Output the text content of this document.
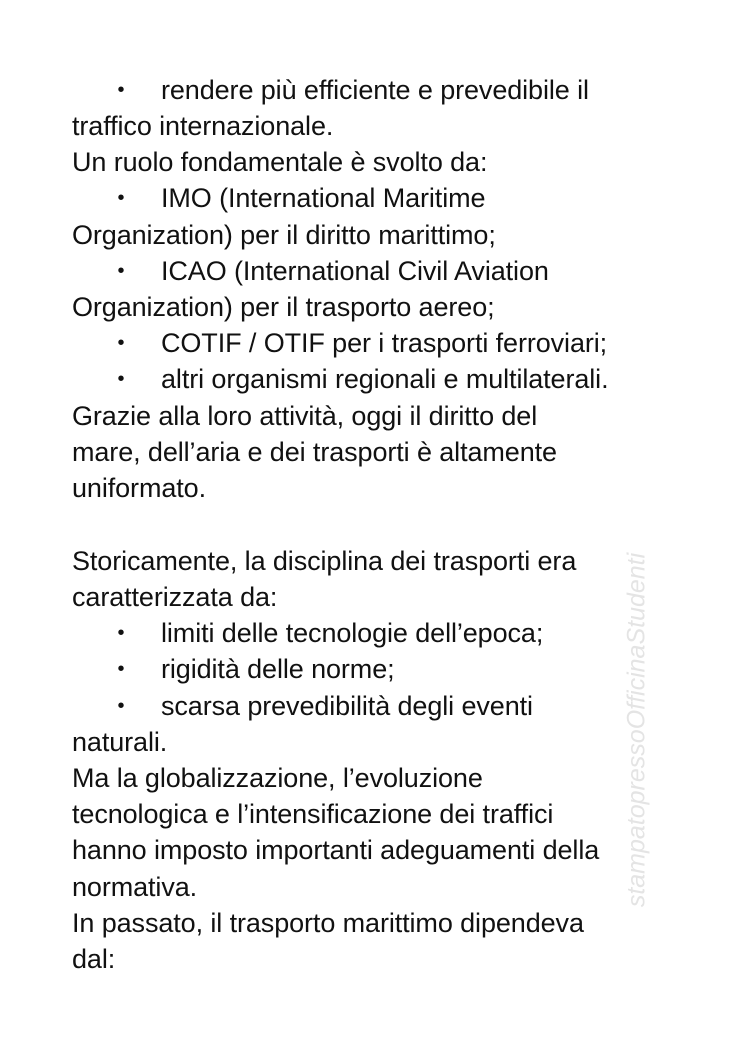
• rendere più efficiente e prevedibile il
traffico internazionale.
Un ruolo fondamentale è svolto da:
• IMO (International Maritime
Organization) per il diritto marittimo;
• ICAO (International Civil Aviation
Organization) per il trasporto aereo;
• COTIF / OTIF per i trasporti ferroviari;
• altri organismi regionali e multilaterali.
Grazie alla loro attività, oggi il diritto del
mare, dell’aria e dei trasporti è altamente
uniformato.
Storicamente, la disciplina dei trasporti era
caratterizzata da:
• limiti delle tecnologie dell’epoca;
• rigidità delle norme;
• scarsa prevedibilità degli eventi
naturali.
Ma la globalizzazione, l’evoluzione
tecnologica e l’intensificazione dei traffici
hanno imposto importanti adeguamenti della
normativa.
In passato, il trasporto marittimo dipendeva
dal:
stampatopressoOfficinaStudenti
